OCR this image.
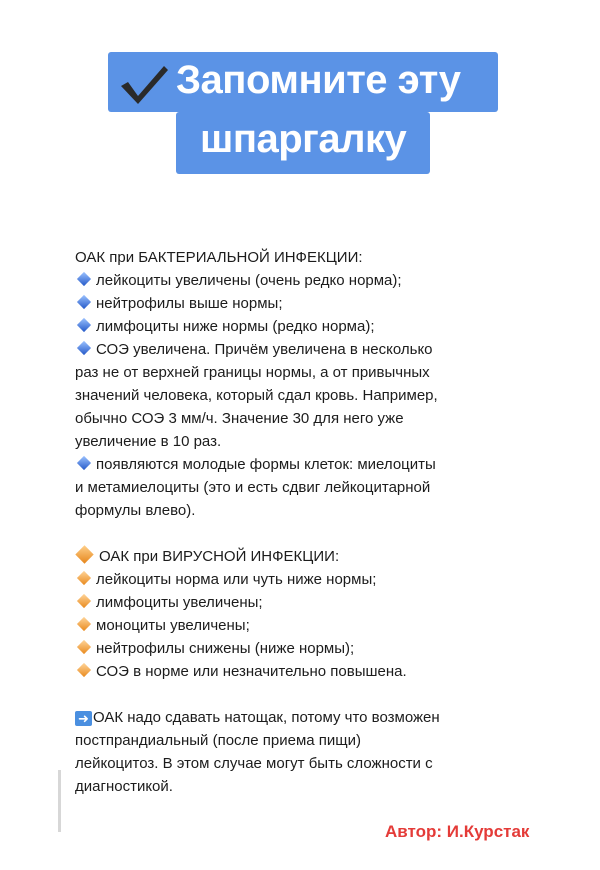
Запомните эту
шпаргалку
ОАК при БАКТЕРИАЛЬНОЙ ИНФЕКЦИИ:
лейкоциты увеличены (очень редко норма);
нейтрофилы выше нормы;
лимфоциты ниже нормы (редко норма);
СОЭ увеличена. Причём увеличена в несколько
раз не от верхней границы нормы, а от привычных
значений человека, который сдал кровь. Например,
обычно СОЭ 3 мм/ч. Значение 30 для него уже
увеличение в 10 раз.
появляются молодые формы клеток: миелоциты
и метамиелоциты (это и есть сдвиг лейкоцитарной
формулы влево).
ОАК при ВИРУСНОЙ ИНФЕКЦИИ:
лейкоциты норма или чуть ниже нормы;
лимфоциты увеличены;
моноциты увеличены;
нейтрофилы снижены (ниже нормы);
СОЭ в норме или незначительно повышена.
➜ ОАК надо сдавать натощак, потому что возможен
постпрандиальный (после приема пищи)
лейкоцитоз. В этом случае могут быть сложности с
диагностикой.
Автор: И.Курстак
